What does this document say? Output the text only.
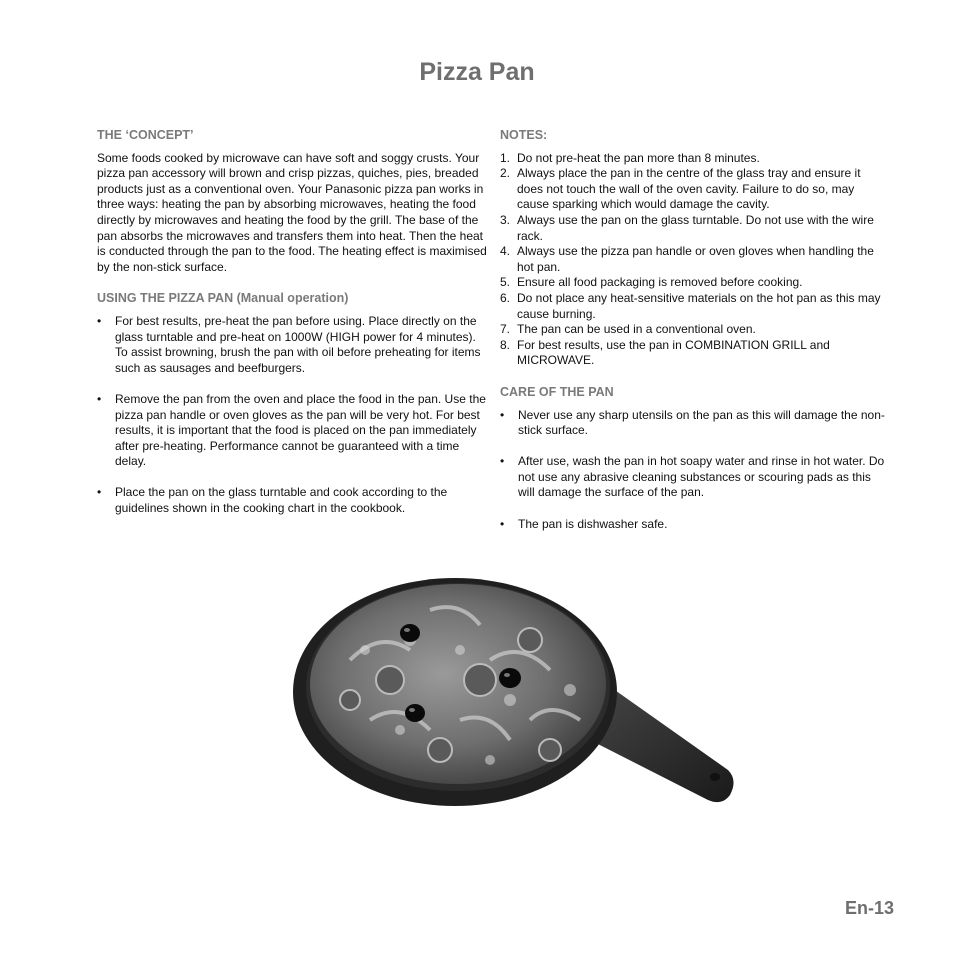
Pizza Pan
THE ‘CONCEPT’
Some foods cooked by microwave can have soft and soggy crusts. Your pizza pan accessory will brown and crisp pizzas, quiches, pies, breaded products just as a conventional oven. Your Panasonic pizza pan works in three ways: heating the pan by absorbing microwaves, heating the food directly by microwaves and heating the food by the grill. The base of the pan absorbs the microwaves and transfers them into heat. Then the heat is conducted through the pan to the food. The heating effect is maximised by the non-stick surface.
USING THE PIZZA PAN (Manual operation)
• For best results, pre-heat the pan before using. Place directly on the glass turntable and pre-heat on 1000W (HIGH power for 4 minutes). To assist browning, brush the pan with oil before preheating for items such as sausages and beefburgers.
• Remove the pan from the oven and place the food in the pan. Use the pizza pan handle or oven gloves as the pan will be very hot. For best results, it is important that the food is placed on the pan immediately after pre-heating. Performance cannot be guaranteed with a time delay.
• Place the pan on the glass turntable and cook according to the guidelines shown in the cooking chart in the cookbook.
NOTES:
1. Do not pre-heat the pan more than 8 minutes.
2. Always place the pan in the centre of the glass tray and ensure it does not touch the wall of the oven cavity. Failure to do so, may cause sparking which would damage the cavity.
3. Always use the pan on the glass turntable. Do not use with the wire rack.
4. Always use the pizza pan handle or oven gloves when handling the hot pan.
5. Ensure all food packaging is removed before cooking.
6. Do not place any heat-sensitive materials on the hot pan as this may cause burning.
7. The pan can be used in a conventional oven.
8. For best results, use the pan in COMBINATION GRILL and MICROWAVE.
CARE OF THE PAN
• Never use any sharp utensils on the pan as this will damage the non-stick surface.
• After use, wash the pan in hot soapy water and rinse in hot water. Do not use any abrasive cleaning substances or scouring pads as this will damage the surface of the pan.
• The pan is dishwasher safe.
En-13
